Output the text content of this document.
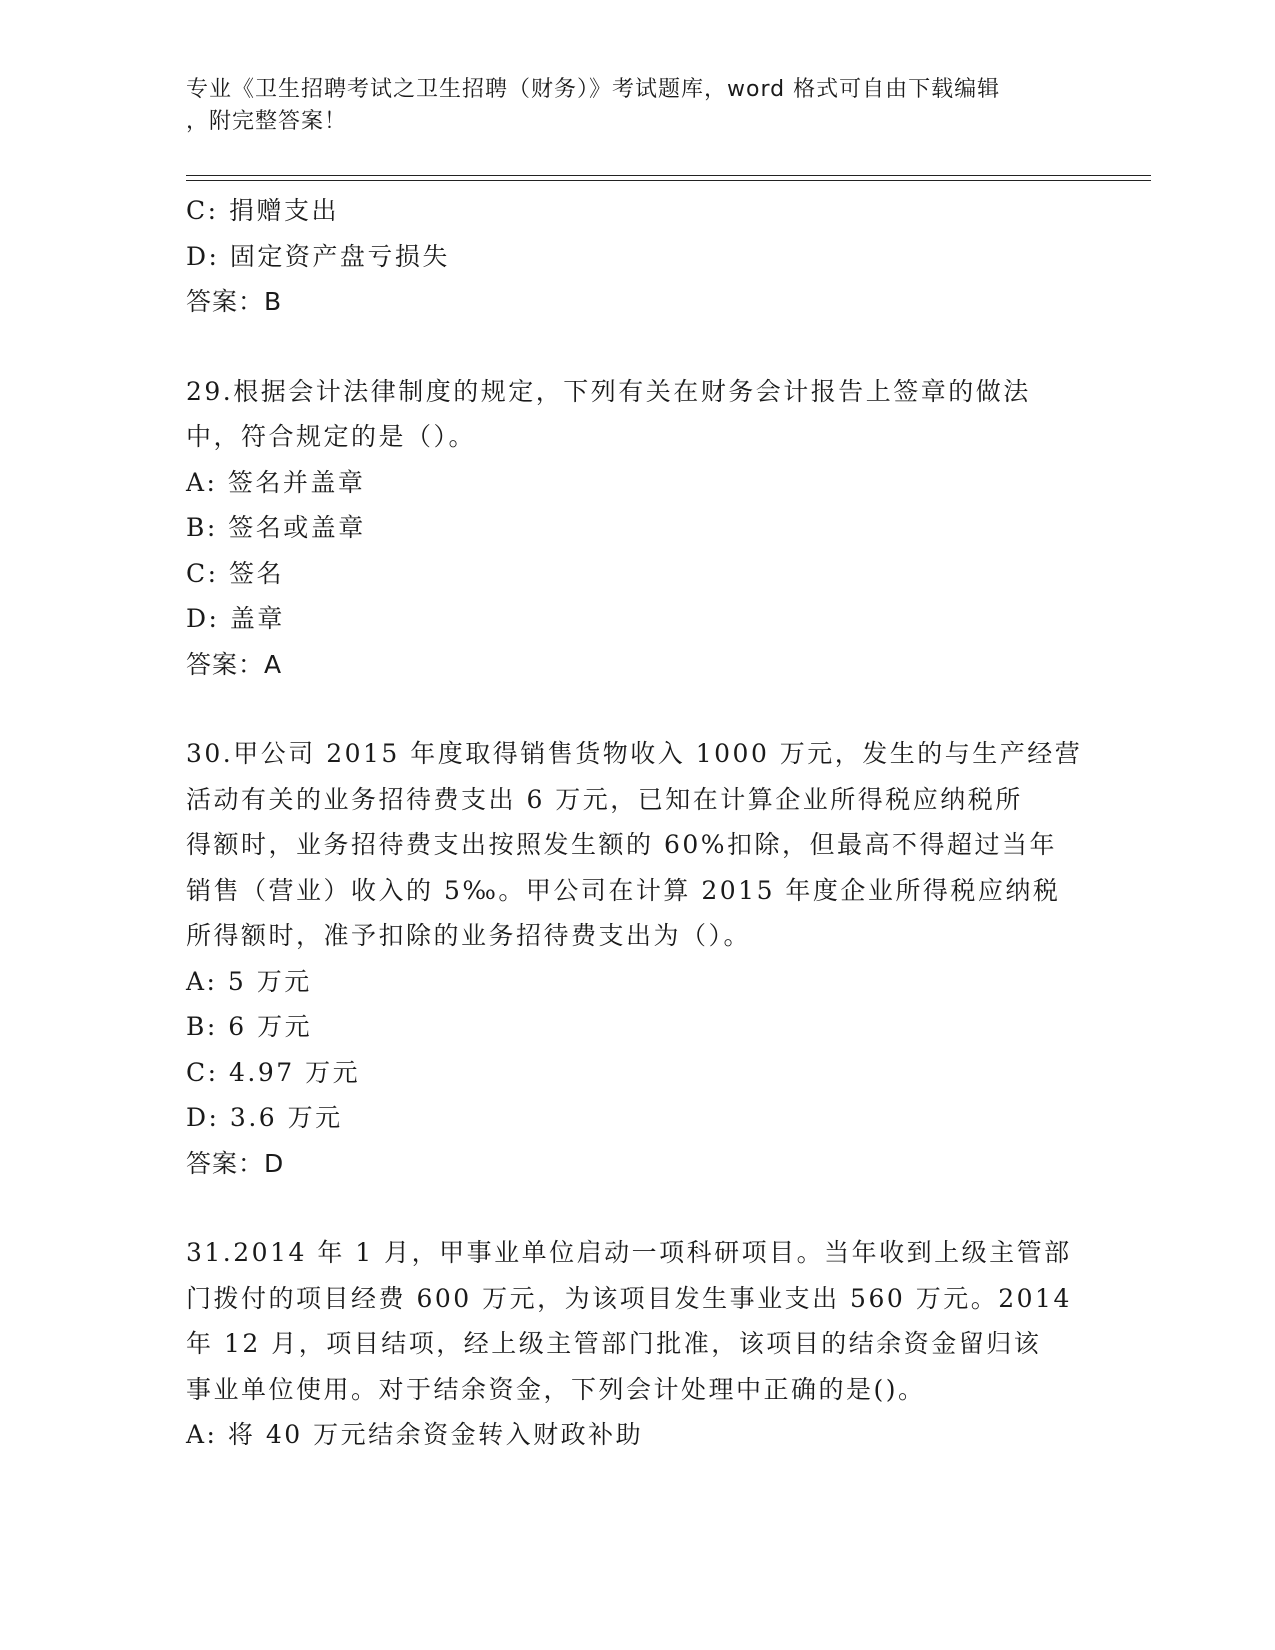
专业《卫生招聘考试之卫生招聘（财务）》考试题库，word 格式可自由下载编辑
，附完整答案！
C: 捐赠支出
D: 固定资产盘亏损失
答案：B
29.根据会计法律制度的规定，下列有关在财务会计报告上签章的做法
中，符合规定的是（）。
A: 签名并盖章
B: 签名或盖章
C: 签名
D: 盖章
答案：A
30.甲公司 2015 年度取得销售货物收入 1000 万元，发生的与生产经营
活动有关的业务招待费支出 6 万元，已知在计算企业所得税应纳税所
得额时，业务招待费支出按照发生额的 60%扣除，但最高不得超过当年
销售（营业）收入的 5‰。甲公司在计算 2015 年度企业所得税应纳税
所得额时，准予扣除的业务招待费支出为（）。
A: 5 万元
B: 6 万元
C: 4.97 万元
D: 3.6 万元
答案：D
31.2014 年 1 月，甲事业单位启动一项科研项目。当年收到上级主管部
门拨付的项目经费 600 万元，为该项目发生事业支出 560 万元。2014
年 12 月，项目结项，经上级主管部门批准，该项目的结余资金留归该
事业单位使用。对于结余资金，下列会计处理中正确的是()。
A: 将 40 万元结余资金转入财政补助
